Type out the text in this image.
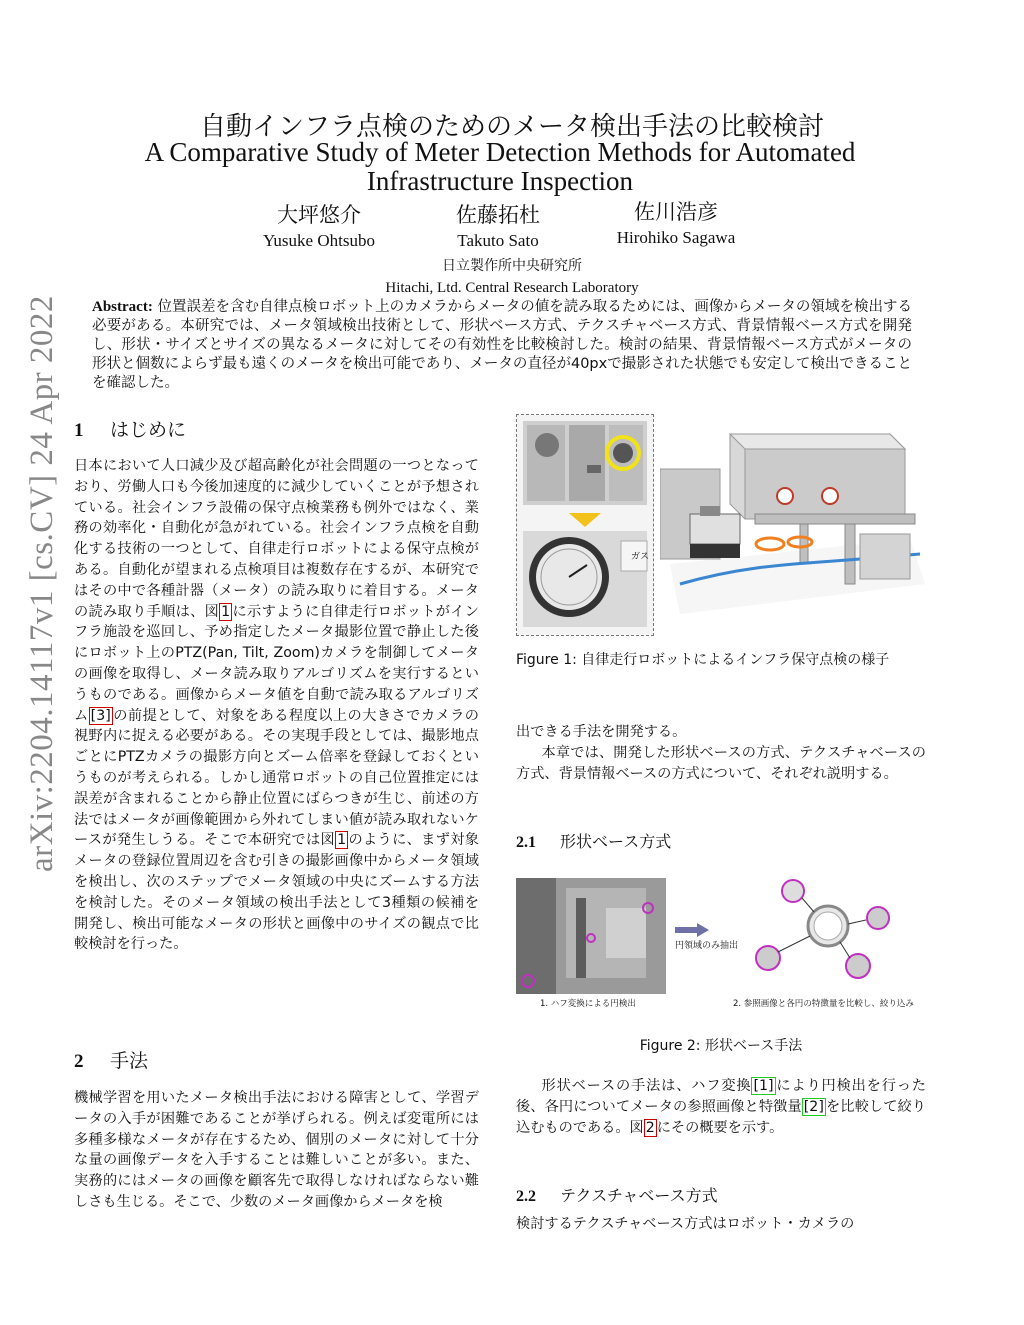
arXiv:2204.14117v1 [cs.CV] 24 Apr 2022
自動インフラ点検のためのメータ検出手法の比較検討
A Comparative Study of Meter Detection Methods for Automated Infrastructure Inspection
大坪悠介
Yusuke Ohtsubo
佐藤拓杜
Takuto Sato
佐川浩彦
Hirohiko Sagawa
日立製作所中央研究所
Hitachi, Ltd. Central Research Laboratory
Abstract: 位置誤差を含む自律点検ロボット上のカメラからメータの値を読み取るためには、画像からメータの領域を検出する必要がある。本研究では、メータ領域検出技術として、形状ベース方式、テクスチャベース方式、背景情報ベース方式を開発し、形状・サイズとサイズの異なるメータに対してその有効性を比較検討した。検討の結果、背景情報ベース方式がメータの形状と個数によらず最も遠くのメータを検出可能であり、メータの直径が40pxで撮影された状態でも安定して検出できることを確認した。
1 はじめに
日本において人口減少及び超高齢化が社会問題の一つとなっており、労働人口も今後加速度的に減少していくことが予想されている。社会インフラ設備の保守点検業務も例外ではなく、業務の効率化・自動化が急がれている。社会インフラ点検を自動化する技術の一つとして、自律走行ロボットによる保守点検がある。自動化が望まれる点検項目は複数存在するが、本研究ではその中で各種計器（メータ）の読み取りに着目する。メータの読み取り手順は、図 1 に示すように自律走行ロボットがインフラ施設を巡回し、予め指定したメータ撮影位置で静止した後にロボット上のPTZ(Pan, Tilt, Zoom)カメラを制御してメータの画像を取得し、メータ読み取りアルゴリズムを実行するというものである。画像からメータ値を自動で読み取るアルゴリズム [3] の前提として、対象をある程度以上の大きさでカメラの視野内に捉える必要がある。その実現手段としては、撮影地点ごとにPTZカメラの撮影方向とズーム倍率を登録しておくというものが考えられる。しかし通常ロボットの自己位置推定には誤差が含まれることから静止位置にばらつきが生じ、前述の方法ではメータが画像範囲から外れてしまい値が読み取れないケースが発生しうる。そこで本研究では図 1 のように、まず対象メータの登録位置周辺を含む引きの撮影画像中からメータ領域を検出し、次のステップでメータ領域の中央にズームする方法を検討した。そのメータ領域の検出手法として3種類の候補を開発し、検出可能なメータの形状と画像中のサイズの観点で比較検討を行った。
2 手法
機械学習を用いたメータ検出手法における障害として、学習データの入手が困難であることが挙げられる。例えば変電所には多種多様なメータが存在するため、個別のメータに対して十分な量の画像データを入手することは難しいことが多い。また、実務的にはメータの画像を顧客先で取得しなければならない難しさも生じる。そこで、少数のメータ画像からメータを検
ガス
Figure 1: 自律走行ロボットによるインフラ保守点検の様子
出できる手法を開発する。
本章では、開発した形状ベースの方式、テクスチャベースの方式、背景情報ベースの方式について、それぞれ説明する。
2.1 形状ベース方式
円領域のみ抽出
1. ハフ変換による円検出	2. 参照画像と各円の特徴量を比較し、絞り込み
Figure 2: 形状ベース手法
形状ベースの手法は、ハフ変換 [1] により円検出を行った後、各円についてメータの参照画像と特徴量 [2] を比較して絞り込むものである。図 2 にその概要を示す。
2.2 テクスチャベース方式
検討するテクスチャベース方式はロボット・カメラの
